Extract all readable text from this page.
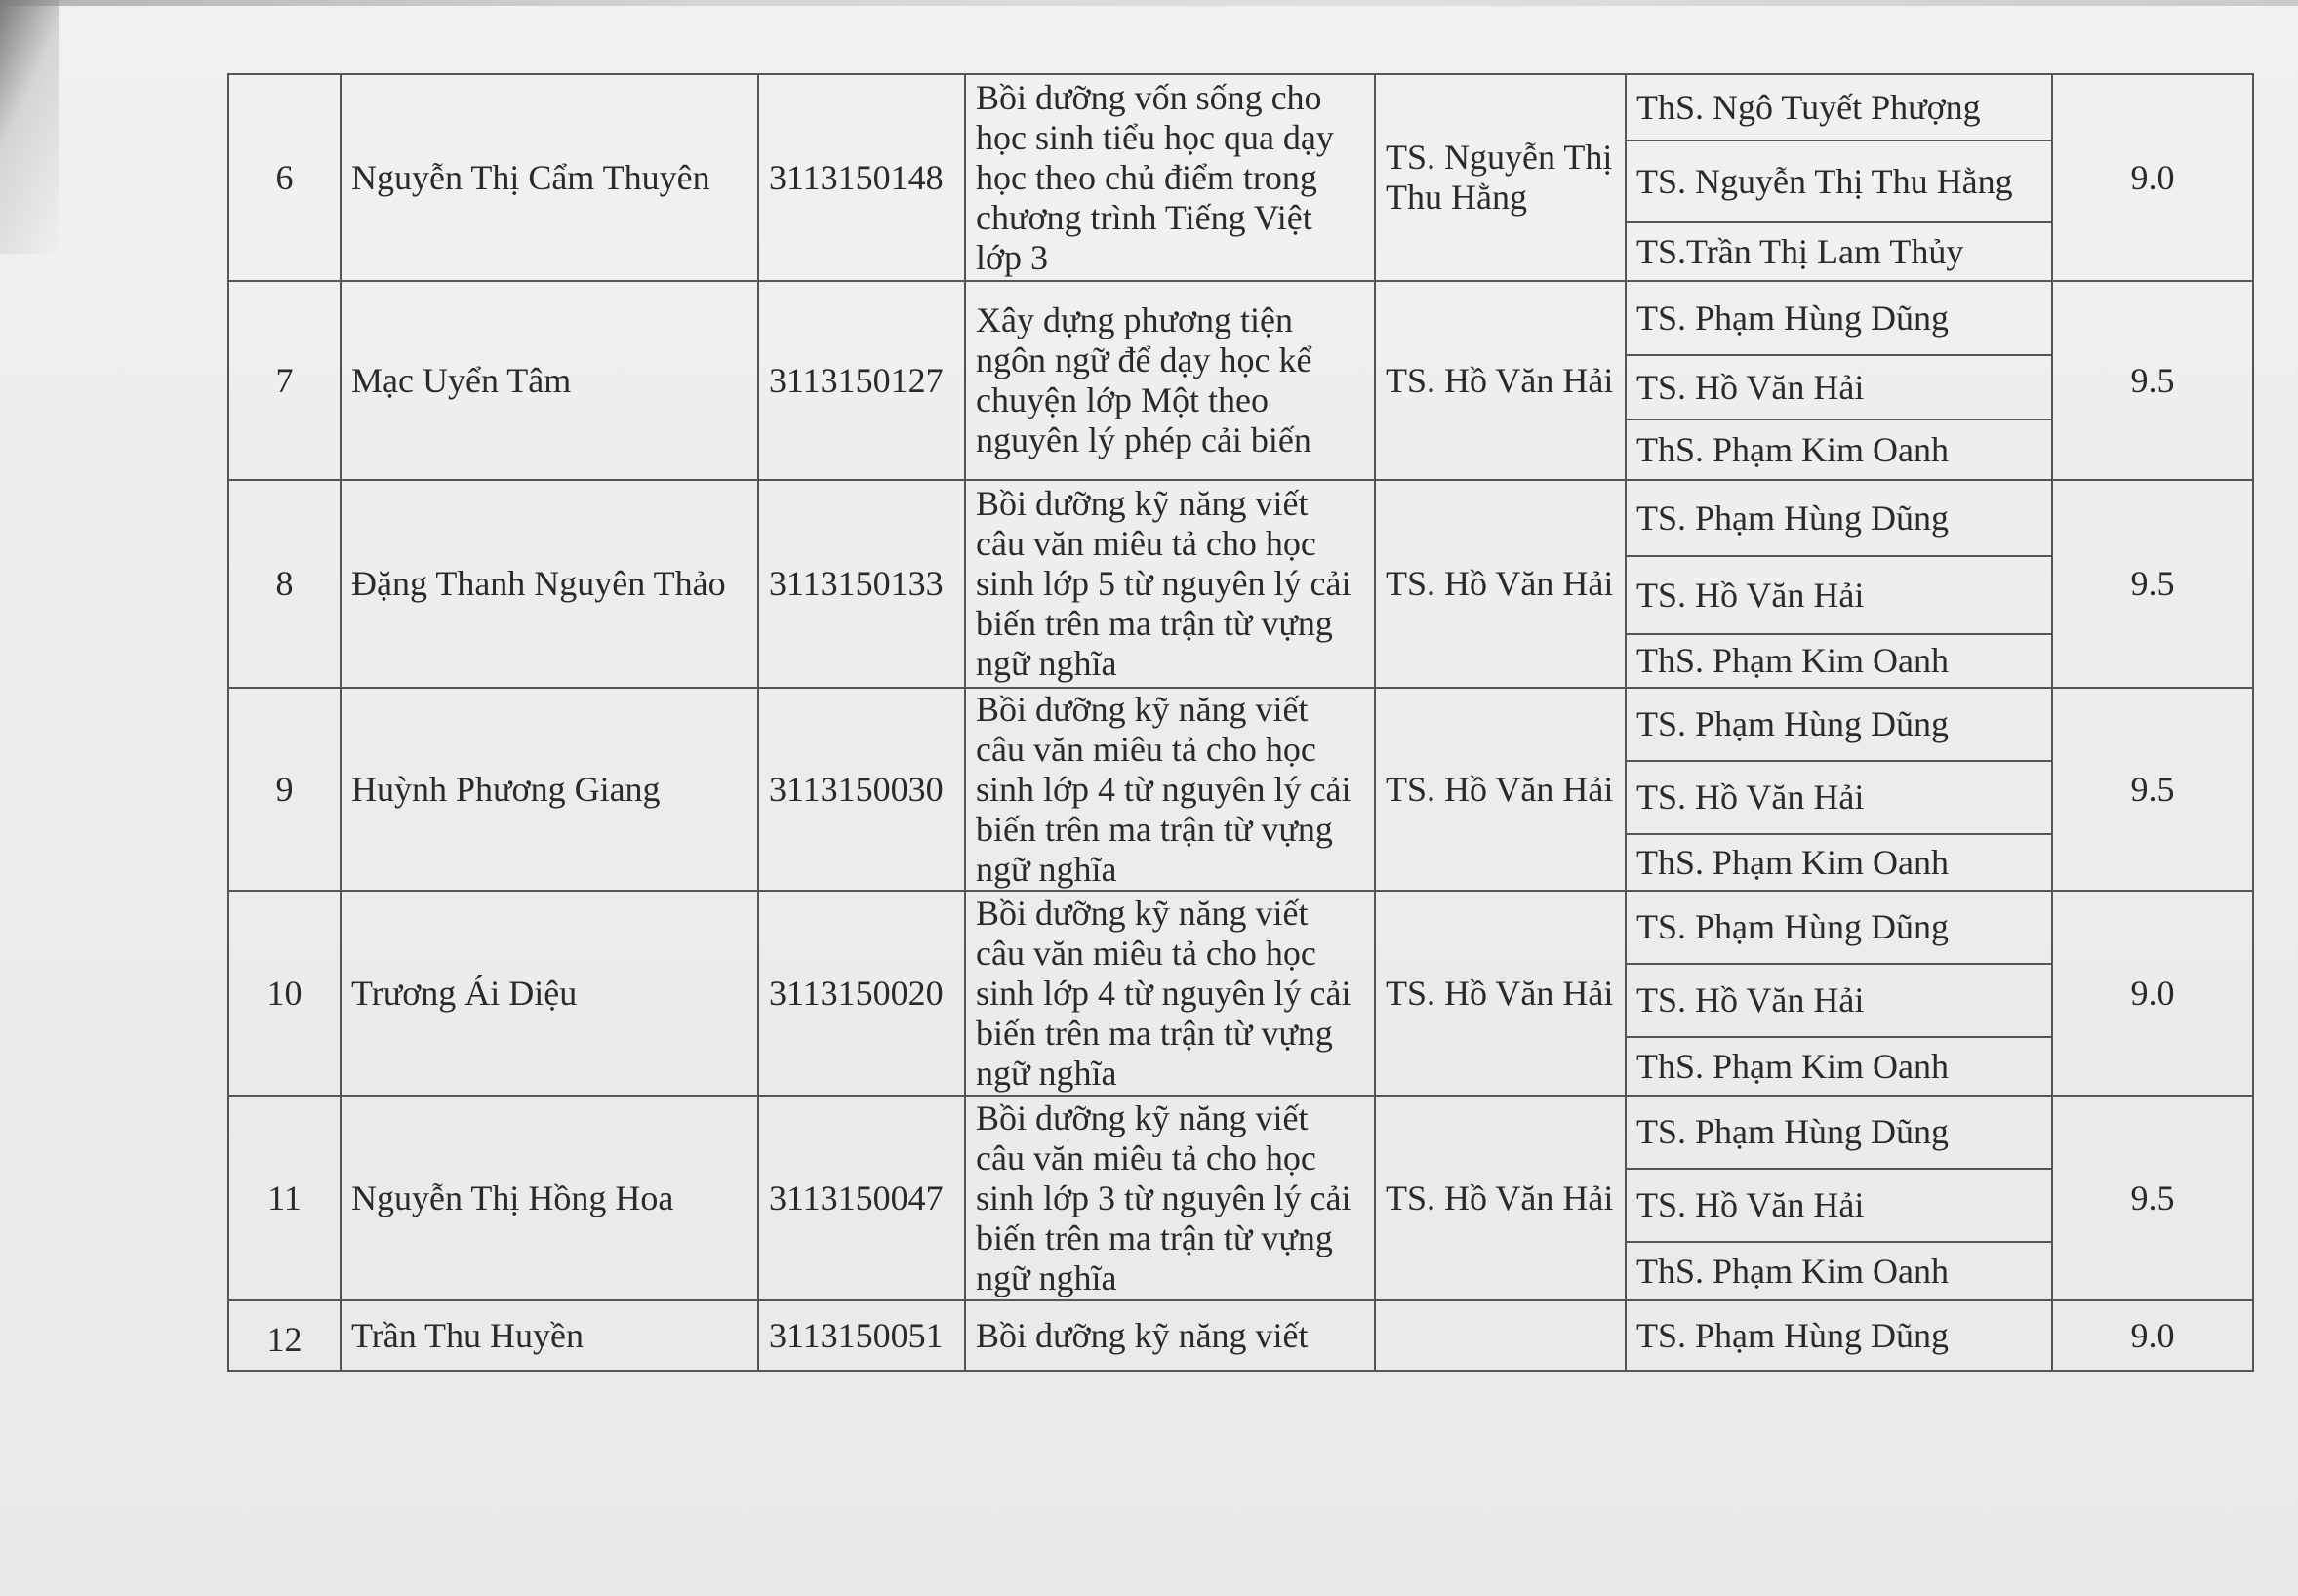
6	Nguyễn Thị Cẩm Thuyên	3113150148	Bồi dưỡng vốn sống cho học sinh tiểu học qua dạy học theo chủ điểm trong chương trình Tiếng Việt lớp 3	TS. Nguyễn Thị Thu Hằng	ThS. Ngô Tuyết Phượng	9.0
					TS. Nguyễn Thị Thu Hằng	
					TS.Trần Thị Lam Thủy	
7	Mạc Uyển Tâm	3113150127	Xây dựng phương tiện ngôn ngữ để dạy học kể chuyện lớp Một theo nguyên lý phép cải biến	TS. Hồ Văn Hải	TS. Phạm Hùng Dũng	9.5
					TS. Hồ Văn Hải	
					ThS. Phạm Kim Oanh	
8	Đặng Thanh Nguyên Thảo	3113150133	Bồi dưỡng kỹ năng viết câu văn miêu tả cho học sinh lớp 5 từ nguyên lý cải biến trên ma trận từ vựng ngữ nghĩa	TS. Hồ Văn Hải	TS. Phạm Hùng Dũng	9.5
					TS. Hồ Văn Hải	
					ThS. Phạm Kim Oanh	
9	Huỳnh Phương Giang	3113150030	Bồi dưỡng kỹ năng viết câu văn miêu tả cho học sinh lớp 4 từ nguyên lý cải biến trên ma trận từ vựng ngữ nghĩa	TS. Hồ Văn Hải	TS. Phạm Hùng Dũng	9.5
					TS. Hồ Văn Hải	
					ThS. Phạm Kim Oanh	
10	Trương Ái Diệu	3113150020	Bồi dưỡng kỹ năng viết câu văn miêu tả cho học sinh lớp 4 từ nguyên lý cải biến trên ma trận từ vựng ngữ nghĩa	TS. Hồ Văn Hải	TS. Phạm Hùng Dũng	9.0
					TS. Hồ Văn Hải	
					ThS. Phạm Kim Oanh	
11	Nguyễn Thị Hồng Hoa	3113150047	Bồi dưỡng kỹ năng viết câu văn miêu tả cho học sinh lớp 3 từ nguyên lý cải biến trên ma trận từ vựng ngữ nghĩa	TS. Hồ Văn Hải	TS. Phạm Hùng Dũng	9.5
					TS. Hồ Văn Hải	
					ThS. Phạm Kim Oanh	
12	Trần Thu Huyền	3113150051	Bồi dưỡng kỹ năng viết		TS. Phạm Hùng Dũng	9.0
